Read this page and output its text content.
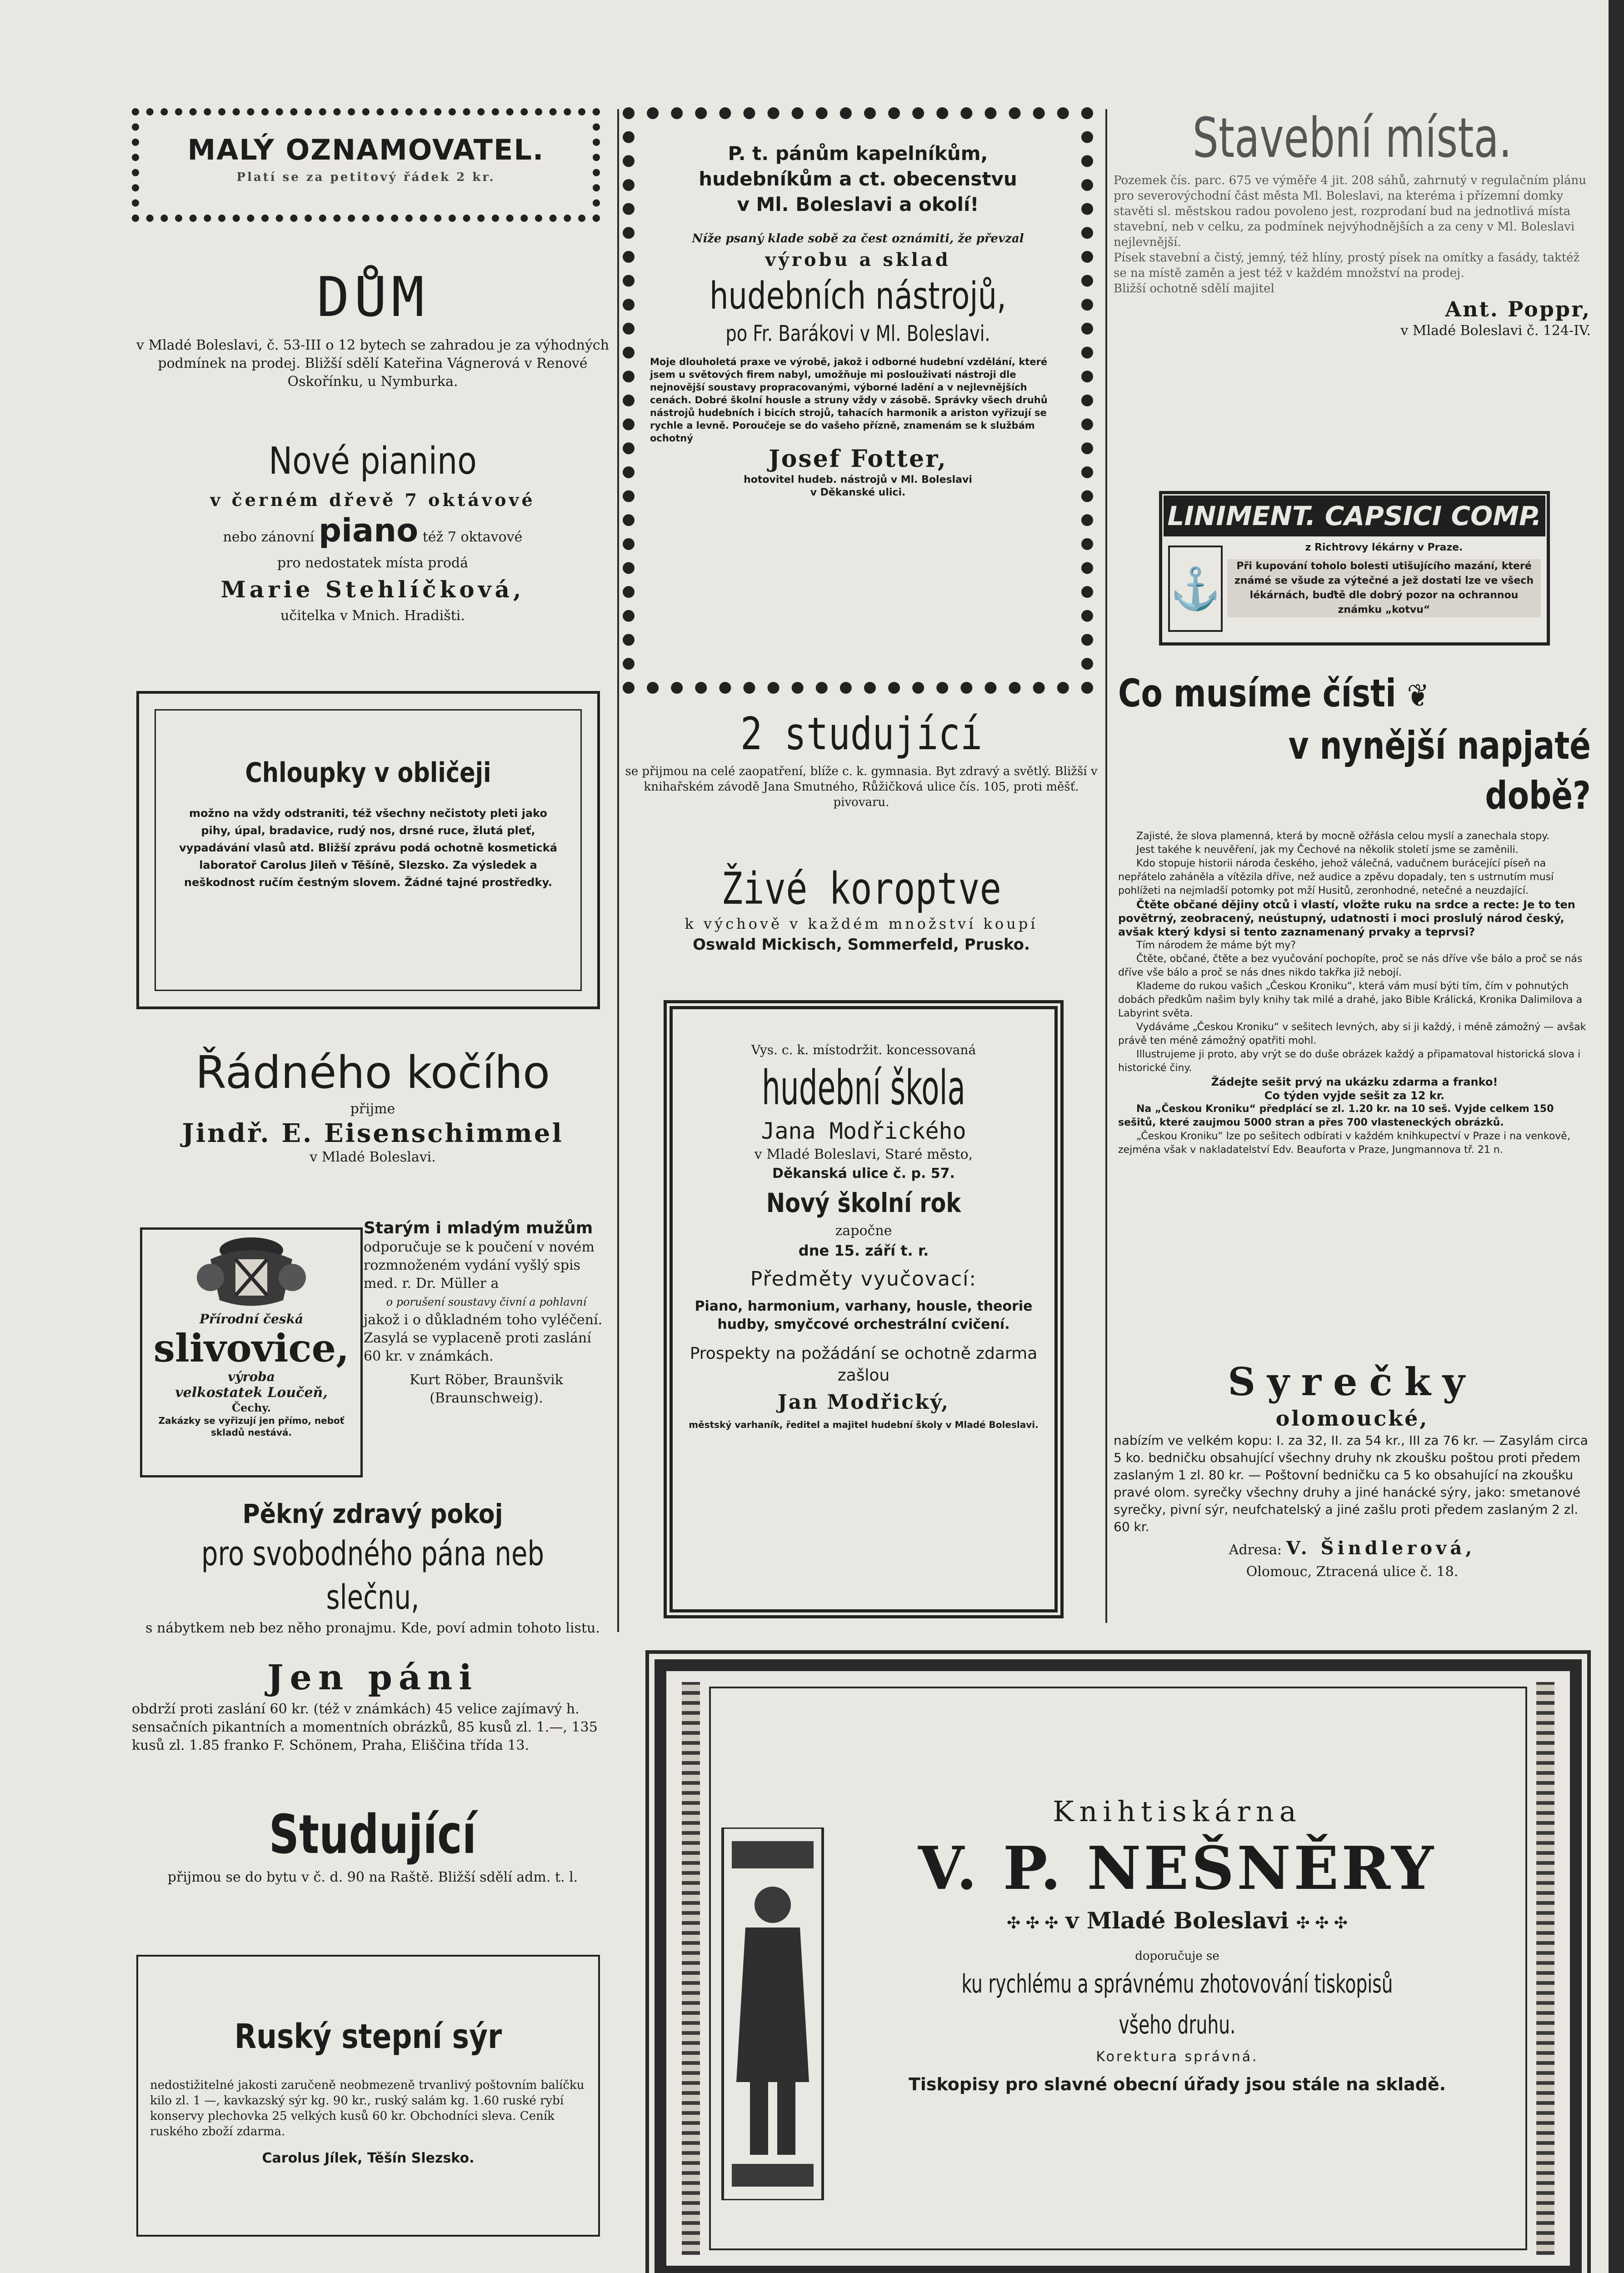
MALÝ OZNAMOVATEL.
Platí se za petitový řádek 2 kr.
DŮM
v Mladé Boleslavi, č. 53-III o 12 bytech se zahradou je za výhodných podmínek na prodej. Bližší sdělí Kateřina Vágnerová v Renové Oskořínku, u Nymburka.
Nové pianino
v černém dřevě 7 oktávové
nebo zánovní piano též 7 oktavové
pro nedostatek místa prodá
Marie Stehlíčková,
učitelka v Mnich. Hradišti.
Chloupky v obličeji
možno na vždy odstraniti, též všechny nečistoty pleti jako pihy, úpal, bradavice, rudý nos, drsné ruce, žlutá pleť, vypadávání vlasů atd. Bližší zprávu podá ochotně kosmetická laboratoř Carolus Jileň v Těšíně, Slezsko. Za výsledek a neškodnost ručím čestným slovem. Žádné tajné prostředky.
Řádného kočího
přijme
Jindř. E. Eisenschimmel
v Mladé Boleslavi.
Přírodní česká
slivovice,
výroba
velkostatek Loučeň,
Čechy.
Zakázky se vyřizují jen přímo, neboť skladů nestává.
Starým i mladým mužům
odporučuje se k poučení v novém rozmnoženém vydání vyšlý spis med. r. Dr. Müller a
o porušení soustavy čivní a pohlavní
jakož i o důkladném toho vyléčení. Zasylá se vyplaceně proti zaslání 60 kr. v známkách.
Kurt Röber, Braunšvik
(Braunschweig).
Pěkný zdravý pokoj
pro svobodného pána neb slečnu,
s nábytkem neb bez něho pronajmu. Kde, poví admin tohoto listu.
Jen páni
obdrží proti zaslání 60 kr. (též v známkách) 45 velice zajímavý h. sensačních pikantních a momentních obrázků, 85 kusů zl. 1.—, 135 kusů zl. 1.85 franko F. Schönem, Praha, Eliščina třída 13.
Studující
přijmou se do bytu v č. d. 90 na Raště. Bližší sdělí adm. t. l.
Ruský stepní sýr
nedostižitelné jakosti zaručeně neobmezeně trvanlivý poštovním balíčku kilo zl. 1 —, kavkazský sýr kg. 90 kr., ruský salám kg. 1.60 ruské rybí konservy plechovka 25 velkých kusů 60 kr. Obchodníci sleva. Ceník ruského zboží zdarma.
Carolus Jílek, Těšín Slezsko.
P. t. pánům kapelníkům,
hudebníkům a ct. obecenstvu
v Ml. Boleslavi a okolí!
Níže psaný klade sobě za čest oznámiti, že převzal
výrobu a sklad
hudebních nástrojů,
po Fr. Barákovi v Ml. Boleslavi.
Moje dlouholetá praxe ve výrobě, jakož i odborné hudební vzdělání, které jsem u světových firem nabyl, umožňuje mi poslouživati nástroji dle nejnovější soustavy propracovanými, výborné ladění a v nejlevnějších cenách. Dobré školní housle a struny vždy v zásobě. Správky všech druhů nástrojů hudebních i bicích strojů, tahacích harmonik a ariston vyřizují se rychle a levně. Poroučeje se do vašeho přízně, znamenám se k službám ochotný
Josef Fotter,
hotovitel hudeb. nástrojů v Ml. Boleslavi
v Děkanské ulici.
2 studující
se přijmou na celé zaopatření, blíže c. k. gymnasia. Byt zdravý a světlý. Bližší v knihařském závodě Jana Smutného, Růžičková ulice čís. 105, proti měšť. pivovaru.
Živé koroptve
k výchově v každém množství koupí
Oswald Mickisch, Sommerfeld, Prusko.
Vys. c. k. místodržit. koncessovaná
hudební škola
Jana Modřického
v Mladé Boleslavi, Staré město,
Děkanská ulice č. p. 57.
Nový školní rok
započne
dne 15. září t. r.
Předměty vyučovací:
Piano, harmonium, varhany, housle, theorie hudby, smyčcové orchestrální cvičení.
Prospekty na požádání se ochotně zdarma zašlou
Jan Modřický,
městský varhaník, ředitel a majitel hudební školy v Mladé Boleslavi.
Stavební místa.
Pozemek čís. parc. 675 ve výměře 4 jit. 208 sáhů, zahrnutý v regulačním plánu pro severovýchodní část města Ml. Boleslavi, na kteréma i přízemní domky stavěti sl. městskou radou povoleno jest, rozprodaní bud na jednotlivá místa stavební, neb v celku, za podmínek nejvýhodnějších a za ceny v Ml. Boleslavi nejlevnější.
Písek stavební a čistý, jemný, též hlíny, prostý písek na omítky a fasády, taktéž se na místě zaměn a jest též v každém množství na prodej.
Bližší ochotně sdělí majitel
Ant. Poppr,
v Mladé Boleslavi č. 124-IV.
LINIMENT. CAPSICI COMP.
⚓
z Richtrovy lékárny v Praze.
Při kupování toholo bolesti utišujícího mazání, které známé se všude za výtečné a jež dostati lze ve všech lékárnách, buďtě dle dobrý pozor na ochrannou známku „kotvu“
Co musíme čísti ❦
v nynější napjaté době?
Zajisté, že slova plamenná, která by mocně ožřásla celou myslí a zanechala stopy.
Jest takéhe k neuvěření, jak my Čechové na několik století jsme se zaměnili.
Kdo stopuje historii národa českého, jehož válečná, vadučnem burácející píseň na nepřátelo zaháněla a vítězila dříve, než audice a zpěvu dopadaly, ten s ustrnutím musí pohlížeti na nejmladší potomky pot mží Husitů, zeronhodné, netečné a neuzdající.
Čtěte občané dějiny otců i vlastí, vložte ruku na srdce a recte: Je to ten povětrný, zeobracený, neústupný, udatnosti i moci proslulý národ český, avšak který kdysi si tento zaznamenaný prvaky a teprvsi?
Tím národem že máme být my?
Čtěte, občané, čtěte a bez vyučování pochopíte, proč se nás dříve vše bálo a proč se nás dříve vše bálo a proč se nás dnes nikdo takřka již nebojí.
Klademe do rukou vašich „Českou Kroniku“, která vám musí býti tím, čím v pohnutých dobách předkům našim byly knihy tak milé a drahé, jako Bible Králická, Kronika Dalimilova a Labyrint světa.
Vydáváme „Českou Kroniku“ v sešitech levných, aby si ji každý, i méně zámožný — avšak právě ten méně zámožný opatřiti mohl.
Illustrujeme ji proto, aby vrýt se do duše obrázek každý a připamatoval historická slova i historické činy.
Žádejte sešit prvý na ukázku zdarma a franko!
Co týden vyjde sešit za 12 kr.
Na „Českou Kroniku“ předplácí se zl. 1.20 kr. na 10 seš. Vyjde celkem 150 sešitů, které zaujmou 5000 stran a přes 700 vlasteneckých obrázků.
„Českou Kroniku“ lze po sešitech odbírati v každém knihkupectví v Praze i na venkově, zejména však v nakladatelství Edv. Beauforta v Praze, Jungmannova tř. 21 n.
Syrečky
olomoucké,
nabízím ve velkém kopu: I. za 32, II. za 54 kr., III za 76 kr. — Zasylám circa 5 ko. bedničku obsahující všechny druhy nk zkoušku poštou proti předem zaslaným 1 zl. 80 kr. — Poštovní bedničku ca 5 ko obsahující na zkoušku pravé olom. syrečky všechny druhy a jiné hanácké sýry, jako: smetanové syrečky, pivní sýr, neufchatelský a jiné zašlu proti předem zaslaným 2 zl. 60 kr.
Adresa: V. Šindlerová,
Olomouc, Ztracená ulice č. 18.
Knihtiskárna
V. P. NEŠNĚRY
✣ ✣ ✣ v Mladé Boleslavi ✣ ✣ ✣
doporučuje se
ku rychlému a správnému zhotovování tiskopisů všeho druhu.
Korektura správná.
Tiskopisy pro slavné obecní úřady jsou stále na skladě.
